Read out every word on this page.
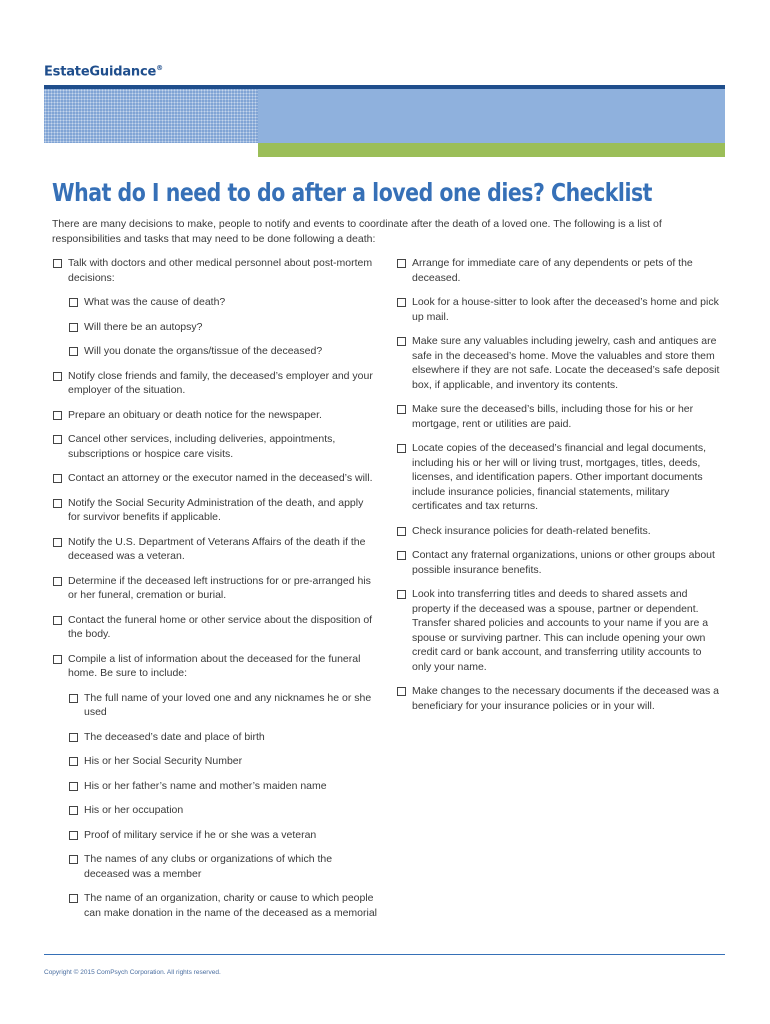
EstateGuidance®
What do I need to do after a loved one dies? Checklist

There are many decisions to make, people to notify and events to coordinate after the death of a loved one. The following is a list of responsibilities and tasks that may need to be done following a death:

Talk with doctors and other medical personnel about post-mortem decisions:
What was the cause of death?
Will there be an autopsy?
Will you donate the organs/tissue of the deceased?
Notify close friends and family, the deceased’s employer and your employer of the situation.
Prepare an obituary or death notice for the newspaper.
Cancel other services, including deliveries, appointments, subscriptions or hospice care visits.
Contact an attorney or the executor named in the deceased’s will.
Notify the Social Security Administration of the death, and apply for survivor benefits if applicable.
Notify the U.S. Department of Veterans Affairs of the death if the deceased was a veteran.
Determine if the deceased left instructions for or pre-arranged his or her funeral, cremation or burial.
Contact the funeral home or other service about the disposition of the body.
Compile a list of information about the deceased for the funeral home. Be sure to include:
The full name of your loved one and any nicknames he or she used
The deceased’s date and place of birth
His or her Social Security Number
His or her father’s name and mother’s maiden name
His or her occupation
Proof of military service if he or she was a veteran
The names of any clubs or organizations of which the deceased was a member
The name of an organization, charity or cause to which people can make donation in the name of the deceased as a memorial
Arrange for immediate care of any dependents or pets of the deceased.
Look for a house-sitter to look after the deceased’s home and pick up mail.
Make sure any valuables including jewelry, cash and antiques are safe in the deceased’s home. Move the valuables and store them elsewhere if they are not safe. Locate the deceased’s safe deposit box, if applicable, and inventory its contents.
Make sure the deceased’s bills, including those for his or her mortgage, rent or utilities are paid.
Locate copies of the deceased’s financial and legal documents, including his or her will or living trust, mortgages, titles, deeds, licenses, and identification papers. Other important documents include insurance policies, financial statements, military certificates and tax returns.
Check insurance policies for death-related benefits.
Contact any fraternal organizations, unions or other groups about possible insurance benefits.
Look into transferring titles and deeds to shared assets and property if the deceased was a spouse, partner or dependent. Transfer shared policies and accounts to your name if you are a spouse or surviving partner. This can include opening your own credit card or bank account, and transferring utility accounts to only your name.
Make changes to the necessary documents if the deceased was a beneficiary for your insurance policies or in your will.

Copyright © 2015 ComPsych Corporation. All rights reserved.
